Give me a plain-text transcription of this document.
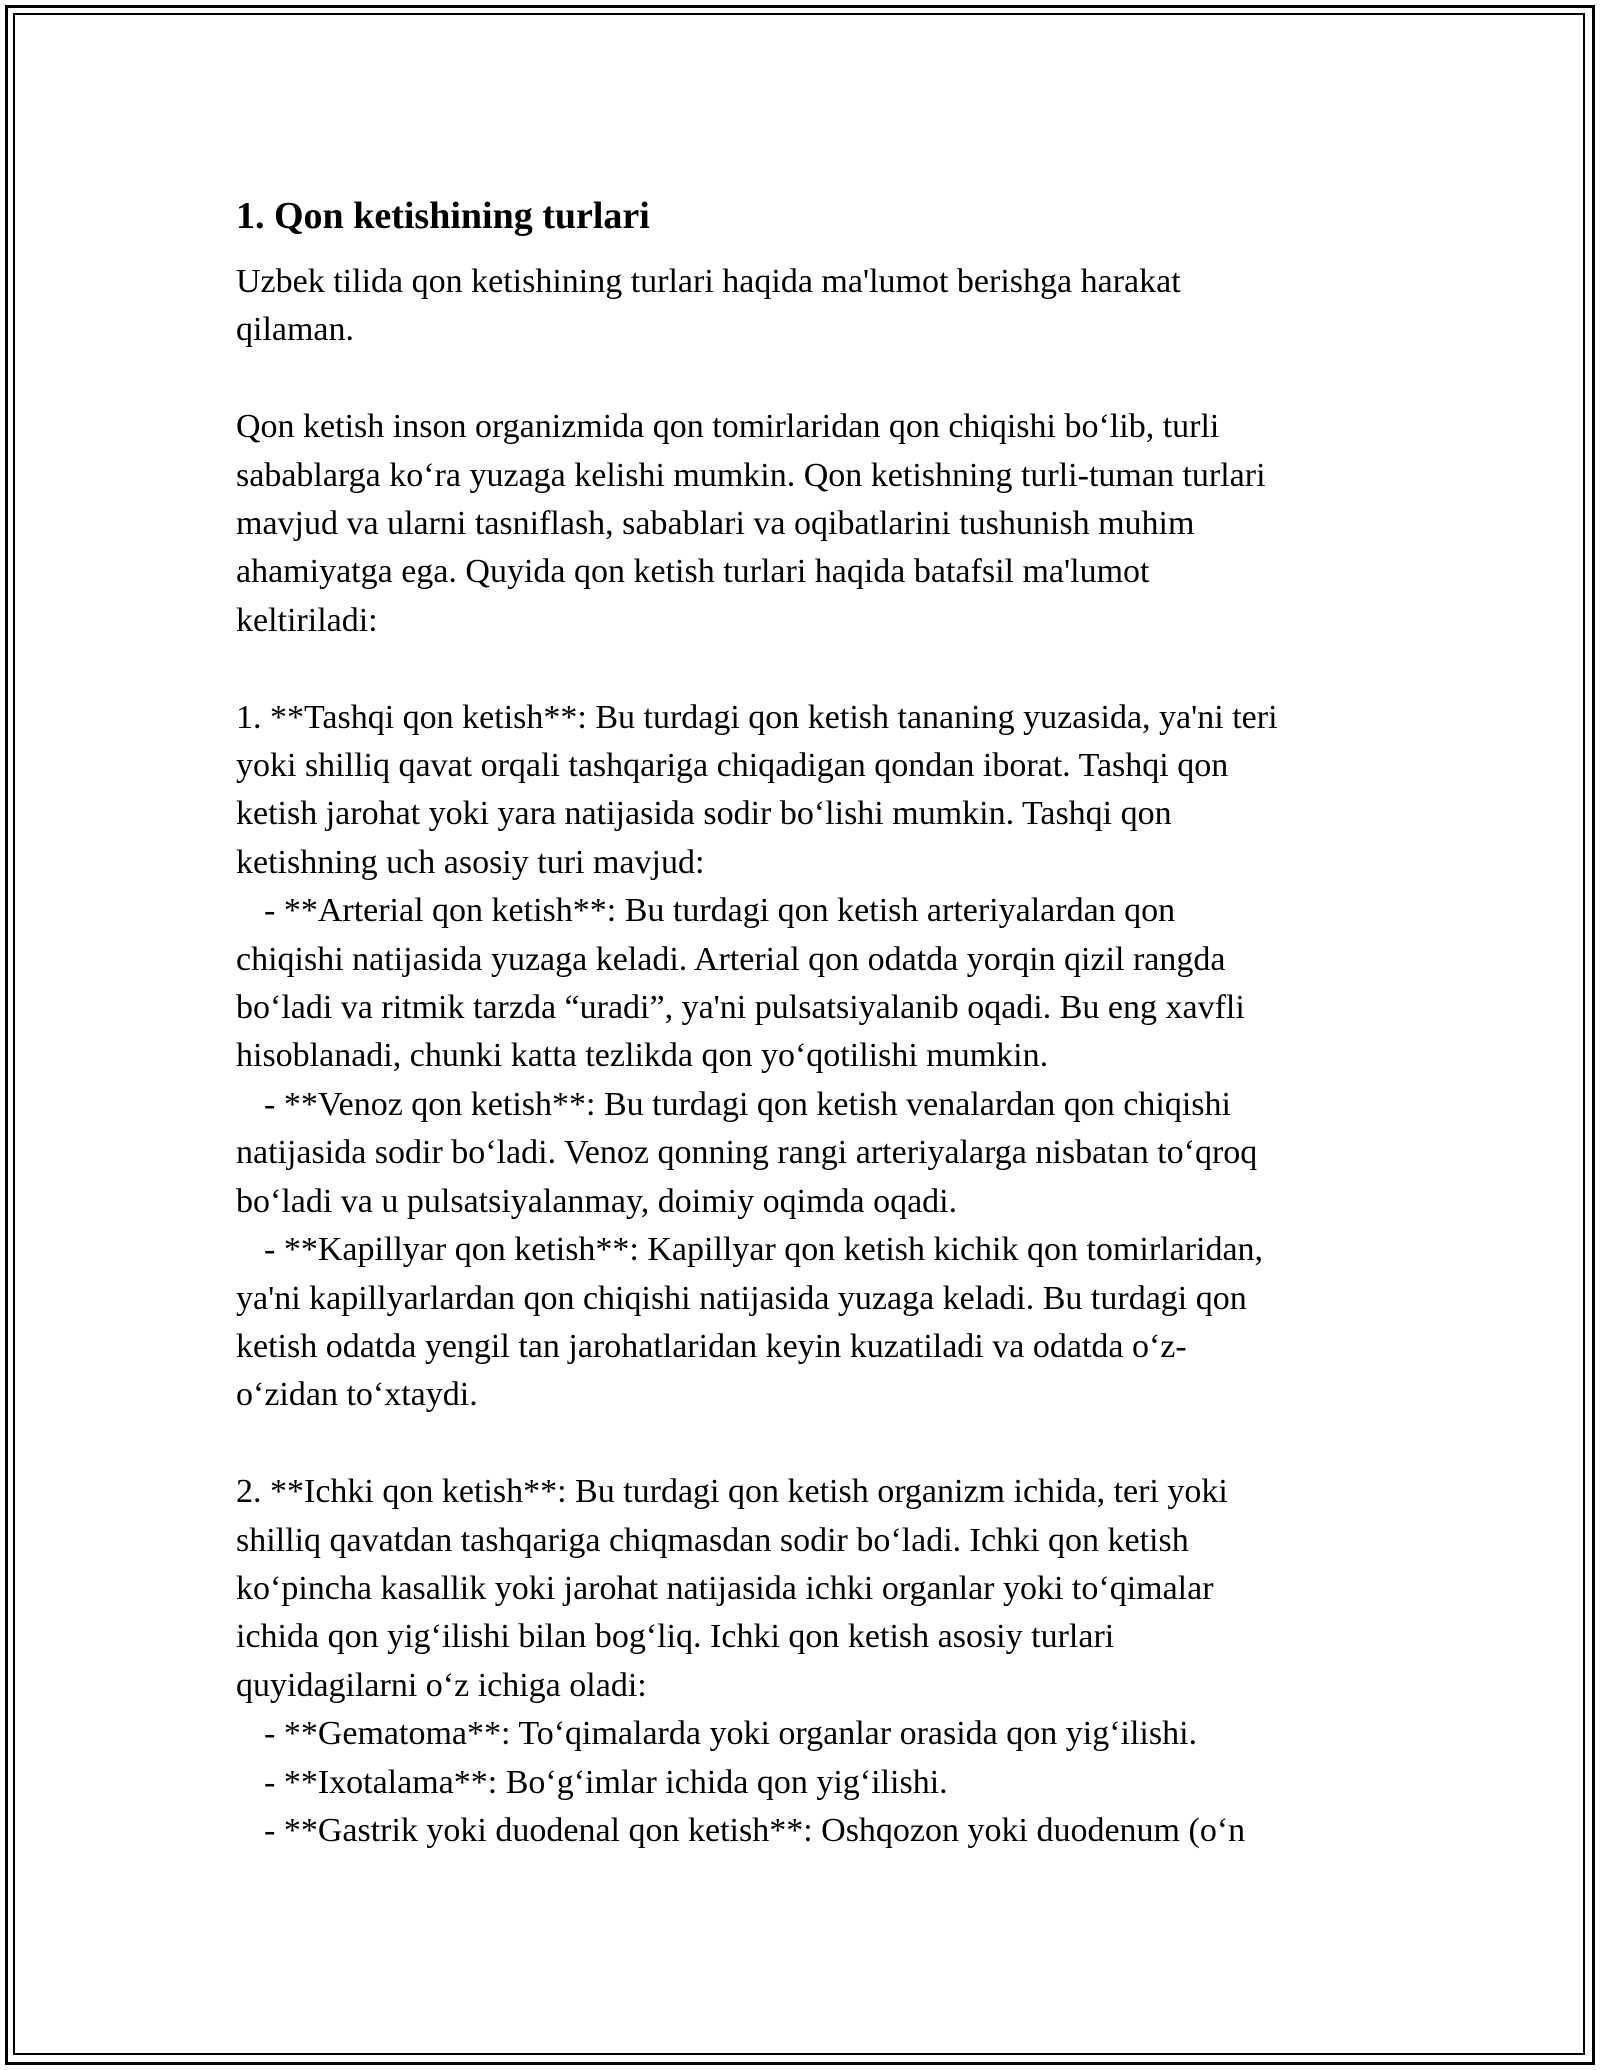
1. Qon ketishining turlari
Uzbek tilida qon ketishining turlari haqida ma'lumot berishga harakat
qilaman.
Qon ketish inson organizmida qon tomirlaridan qon chiqishi bo‘lib, turli
sabablarga ko‘ra yuzaga kelishi mumkin. Qon ketishning turli-tuman turlari
mavjud va ularni tasniflash, sabablari va oqibatlarini tushunish muhim
ahamiyatga ega. Quyida qon ketish turlari haqida batafsil ma'lumot
keltiriladi:
1. **Tashqi qon ketish**: Bu turdagi qon ketish tananing yuzasida, ya'ni teri
yoki shilliq qavat orqali tashqariga chiqadigan qondan iborat. Tashqi qon
ketish jarohat yoki yara natijasida sodir bo‘lishi mumkin. Tashqi qon
ketishning uch asosiy turi mavjud:
- **Arterial qon ketish**: Bu turdagi qon ketish arteriyalardan qon
chiqishi natijasida yuzaga keladi. Arterial qon odatda yorqin qizil rangda
bo‘ladi va ritmik tarzda “uradi”, ya'ni pulsatsiyalanib oqadi. Bu eng xavfli
hisoblanadi, chunki katta tezlikda qon yo‘qotilishi mumkin.
- **Venoz qon ketish**: Bu turdagi qon ketish venalardan qon chiqishi
natijasida sodir bo‘ladi. Venoz qonning rangi arteriyalarga nisbatan to‘qroq
bo‘ladi va u pulsatsiyalanmay, doimiy oqimda oqadi.
- **Kapillyar qon ketish**: Kapillyar qon ketish kichik qon tomirlaridan,
ya'ni kapillyarlardan qon chiqishi natijasida yuzaga keladi. Bu turdagi qon
ketish odatda yengil tan jarohatlaridan keyin kuzatiladi va odatda o‘z-
o‘zidan to‘xtaydi.
2. **Ichki qon ketish**: Bu turdagi qon ketish organizm ichida, teri yoki
shilliq qavatdan tashqariga chiqmasdan sodir bo‘ladi. Ichki qon ketish
ko‘pincha kasallik yoki jarohat natijasida ichki organlar yoki to‘qimalar
ichida qon yig‘ilishi bilan bog‘liq. Ichki qon ketish asosiy turlari
quyidagilarni o‘z ichiga oladi:
- **Gematoma**: To‘qimalarda yoki organlar orasida qon yig‘ilishi.
- **Ixotalama**: Bo‘g‘imlar ichida qon yig‘ilishi.
- **Gastrik yoki duodenal qon ketish**: Oshqozon yoki duodenum (o‘n
